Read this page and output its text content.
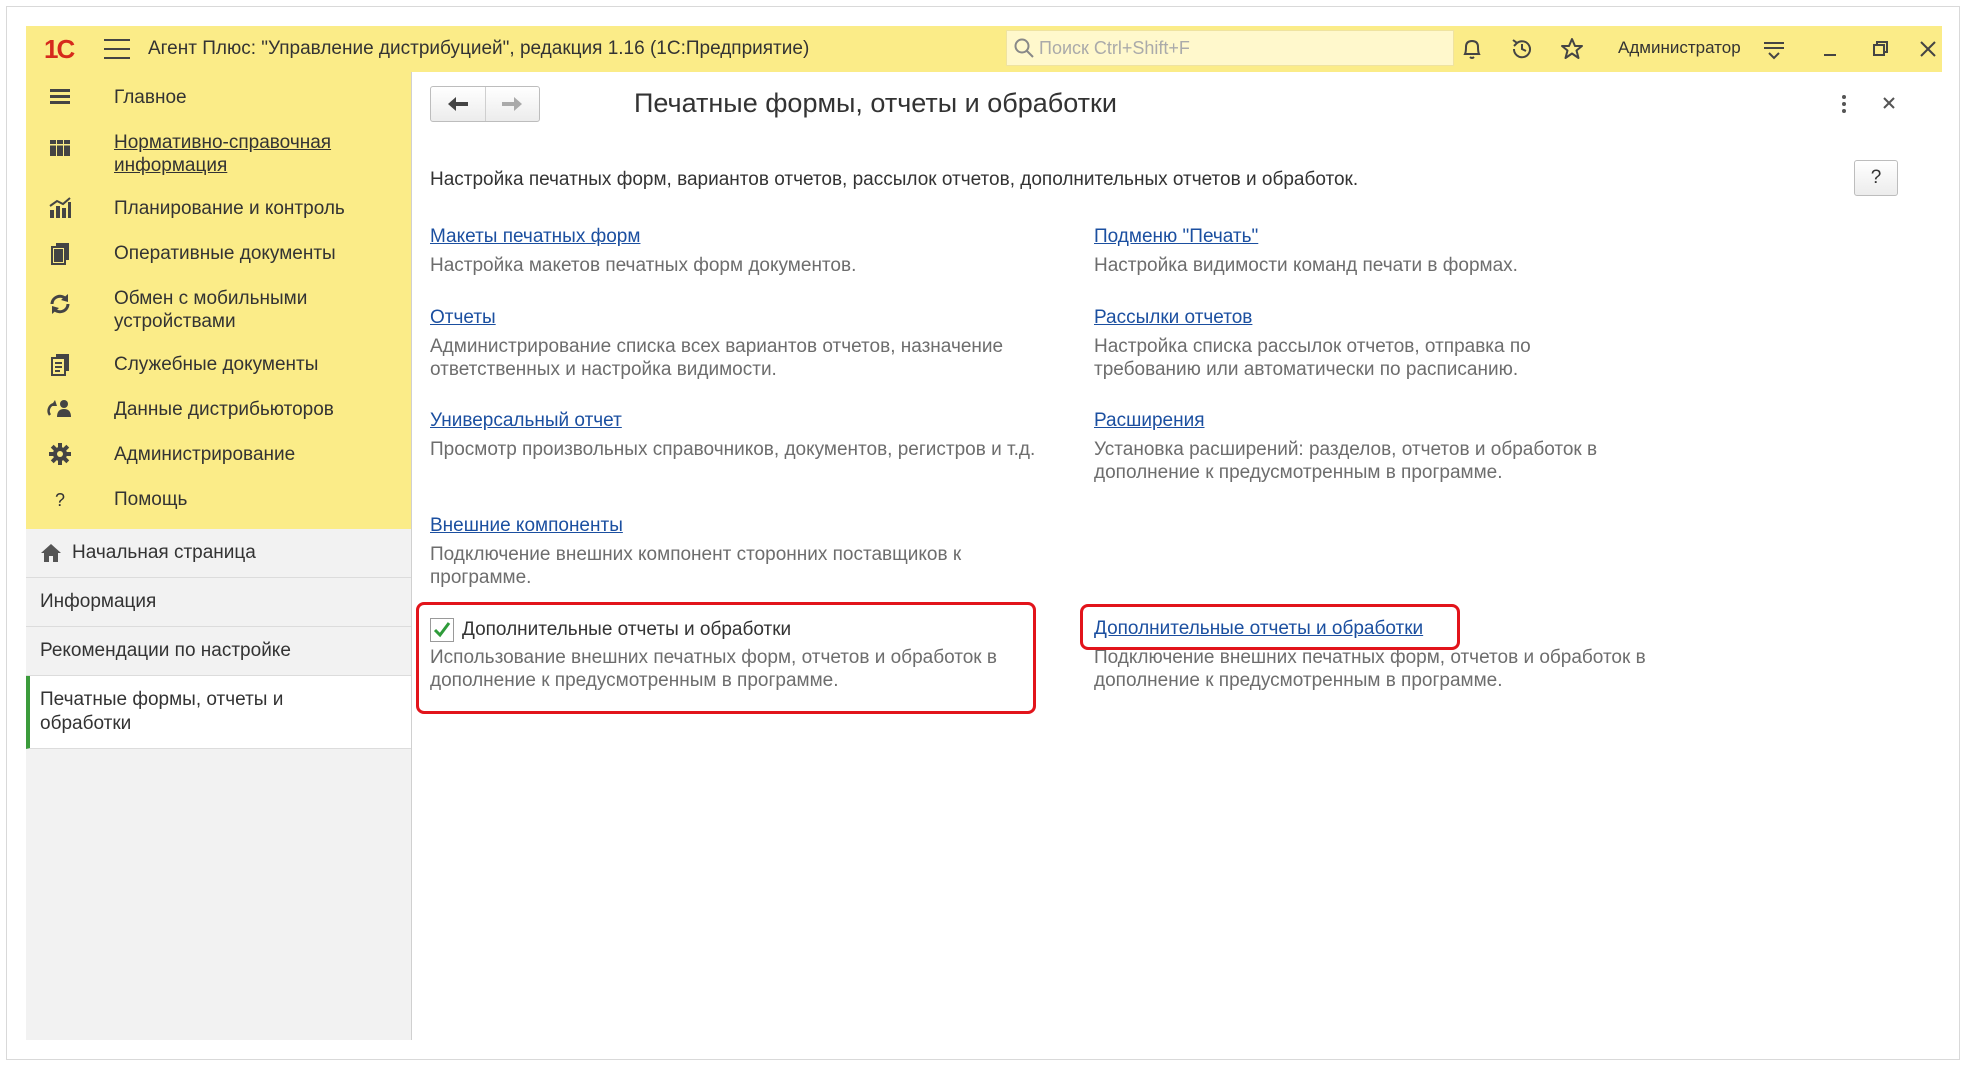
1С	Агент Плюс: "Управление дистрибуцией", редакция 1.16 (1С:Предприятие)
Поиск Ctrl+Shift+F	Администратор
Главное
Нормативно-справочная информация
Планирование и контроль
Оперативные документы
Обмен с мобильными устройствами
Служебные документы
Данные дистрибьюторов
Администрирование
?	Помощь
Начальная страница
Информация
Рекомендации по настройке
Печатные формы, отчеты и обработки
Печатные формы, отчеты и обработки
Настройка печатных форм, вариантов отчетов, рассылок отчетов, дополнительных отчетов и обработок.	?
Макеты печатных форм
Настройка макетов печатных форм документов.
Отчеты
Администрирование списка всех вариантов отчетов, назначение ответственных и настройка видимости.
Универсальный отчет
Просмотр произвольных справочников, документов, регистров и т.д.
Внешние компоненты
Подключение внешних компонент сторонних поставщиков к программе.
Дополнительные отчеты и обработки
Использование внешних печатных форм, отчетов и обработок в дополнение к предусмотренным в программе.
Подменю "Печать"
Настройка видимости команд печати в формах.
Рассылки отчетов
Настройка списка рассылок отчетов, отправка по требованию или автоматически по расписанию.
Расширения
Установка расширений: разделов, отчетов и обработок в дополнение к предусмотренным в программе.
Дополнительные отчеты и обработки
Подключение внешних печатных форм, отчетов и обработок в дополнение к предусмотренным в программе.
